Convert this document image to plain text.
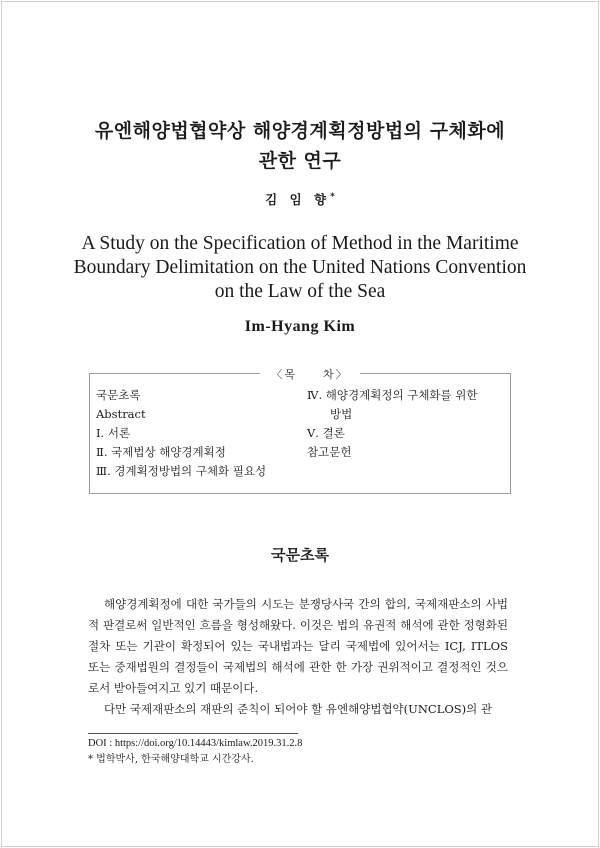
유엔해양법협약상 해양경계획정방법의 구체화에
관한 연구
김 임 향*
A Study on the Specification of Method in the Maritime
Boundary Delimitation on the United Nations Convention
on the Law of the Sea
Im-Hyang Kim
〈목　　차〉
국문초록
Abstract
Ⅰ. 서론
Ⅱ. 국제법상 해양경계획정
Ⅲ. 경계획정방법의 구체화 필요성
Ⅳ. 해양경계획정의 구체화를 위한
　　방법
Ⅴ. 결론
참고문헌
국문초록

해양경계획정에 대한 국가들의 시도는 분쟁당사국 간의 합의, 국제재판소의 사법적 판결로써 일반적인 흐름을 형성해왔다. 이것은 법의 유권적 해석에 관한 정형화된 절차 또는 기관이 확정되어 있는 국내법과는 달리 국제법에 있어서는 ICJ, ITLOS 또는 중재법원의 결정들이 국제법의 해석에 관한 한 가장 권위적이고 결정적인 것으로서 받아들여지고 있기 때문이다.

다만 국제재판소의 재판의 준칙이 되어야 할 유엔해양법협약(UNCLOS)의 관

DOI : https://doi.org/10.14443/kimlaw.2019.31.2.8
* 법학박사, 한국해양대학교 시간강사.
